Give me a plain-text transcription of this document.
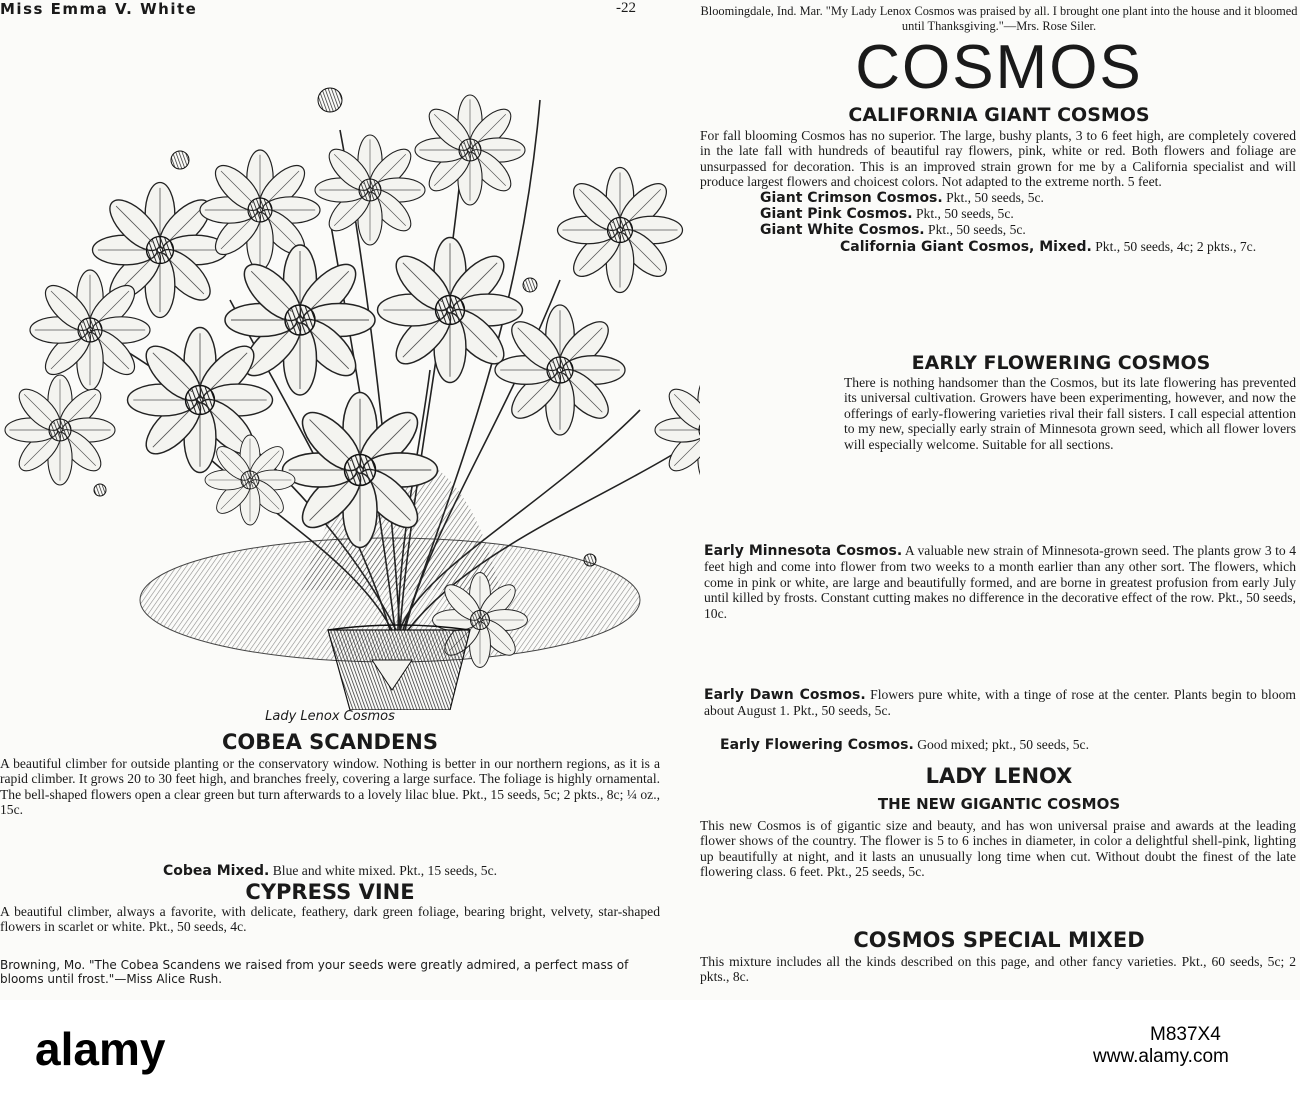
Miss Emma V. White	-22
Lady Lenox Cosmos
COBEA SCANDENS
A beautiful climber for outside planting or the conservatory window. Nothing is better in our northern regions, as it is a rapid climber. It grows 20 to 30 feet high, and branches freely, covering a large surface. The foliage is highly ornamental. The bell-shaped flowers open a clear green but turn afterwards to a lovely lilac blue. Pkt., 15 seeds, 5c; 2 pkts., 8c; ¼ oz., 15c.
Cobea Mixed. Blue and white mixed. Pkt., 15 seeds, 5c.
CYPRESS VINE
A beautiful climber, always a favorite, with delicate, feathery, dark green foliage, bearing bright, velvety, star-shaped flowers in scarlet or white. Pkt., 50 seeds, 4c.
Browning, Mo. "The Cobea Scandens we raised from your seeds were greatly admired, a perfect mass of blooms until frost."—Miss Alice Rush.
Bloomingdale, Ind. Mar. "My Lady Lenox Cosmos was praised by all. I brought one plant into the house and it bloomed until Thanksgiving."—Mrs. Rose Siler.
COSMOS
CALIFORNIA GIANT COSMOS
For fall blooming Cosmos has no superior. The large, bushy plants, 3 to 6 feet high, are completely covered in the late fall with hundreds of beautiful ray flowers, pink, white or red. Both flowers and foliage are unsurpassed for decoration. This is an improved strain grown for me by a California specialist and will produce largest flowers and choicest colors. Not adapted to the extreme north. 5 feet.
Giant Crimson Cosmos. Pkt., 50 seeds, 5c.
Giant Pink Cosmos. Pkt., 50 seeds, 5c.
Giant White Cosmos. Pkt., 50 seeds, 5c.
California Giant Cosmos, Mixed. Pkt., 50 seeds, 4c; 2 pkts., 7c.
EARLY FLOWERING COSMOS
There is nothing handsomer than the Cosmos, but its late flowering has prevented its universal cultivation. Growers have been experimenting, however, and now the offerings of early-flowering varieties rival their fall sisters. I call especial attention to my new, specially early strain of Minnesota grown seed, which all flower lovers will especially welcome. Suitable for all sections.
Early Minnesota Cosmos. A valuable new strain of Minnesota-grown seed. The plants grow 3 to 4 feet high and come into flower from two weeks to a month earlier than any other sort. The flowers, which come in pink or white, are large and beautifully formed, and are borne in greatest profusion from early July until killed by frosts. Constant cutting makes no difference in the decorative effect of the row. Pkt., 50 seeds, 10c.
Early Dawn Cosmos. Flowers pure white, with a tinge of rose at the center. Plants begin to bloom about August 1. Pkt., 50 seeds, 5c.
Early Flowering Cosmos. Good mixed; pkt., 50 seeds, 5c.
LADY LENOX
THE NEW GIGANTIC COSMOS
This new Cosmos is of gigantic size and beauty, and has won universal praise and awards at the leading flower shows of the country. The flower is 5 to 6 inches in diameter, in color a delightful shell-pink, lighting up beautifully at night, and it lasts an unusually long time when cut. Without doubt the finest of the late flowering class. 6 feet. Pkt., 25 seeds, 5c.
COSMOS SPECIAL MIXED
This mixture includes all the kinds described on this page, and other fancy varieties. Pkt., 60 seeds, 5c; 2 pkts., 8c.
alamy	M837X4
www.alamy.com
